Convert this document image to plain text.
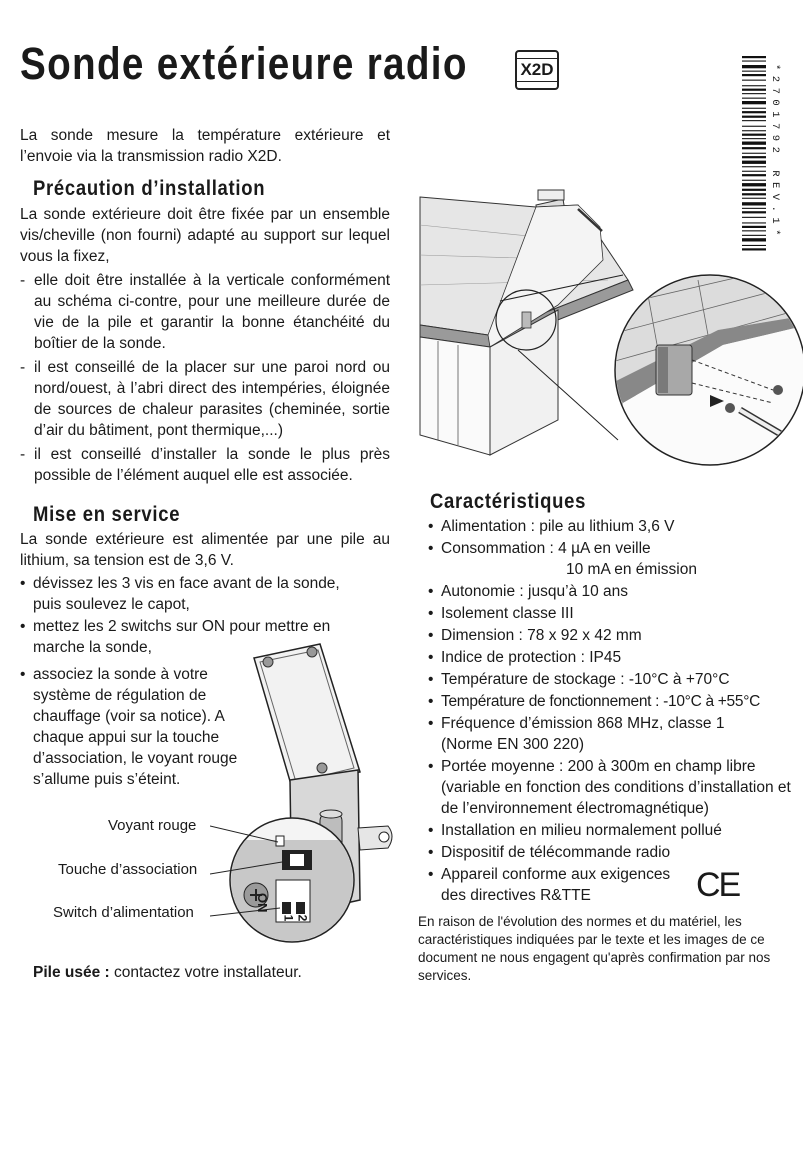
Sonde extérieure radio	X2D	*2701792 REV.1*
La sonde mesure la température extérieure et l’envoie via la transmission radio X2D.
Précaution d’installation
La sonde extérieure doit être fixée par un ensemble vis/cheville (non fourni) adapté au support sur lequel vous la fixez,
- elle doit être installée à la verticale conformément au schéma ci-contre, pour une meilleure durée de vie de la pile et garantir la bonne étanchéité du boîtier de la sonde.
- il est conseillé de la placer sur une paroi nord ou nord/ouest, à l’abri direct des intempéries, éloignée de sources de chaleur parasites (cheminée, sortie d’air du bâtiment, pont thermique,...)
- il est conseillé d’installer la sonde le plus près possible de l’élément auquel elle est associée.
Mise en service
La sonde extérieure est alimentée par une pile au lithium, sa tension est de 3,6 V.
• dévissez les 3 vis en face avant de la sonde, puis soulevez le capot,
• mettez les 2 switchs sur ON pour mettre en marche la sonde,
• associez la sonde à votre système de régulation de chauffage (voir sa notice). A chaque appui sur la touche d’association, le voyant rouge s’allume puis s’éteint.
ON
1 2
Voyant rouge
Touche d’association
Switch d’alimentation
Pile usée : contactez votre installateur.
Caractéristiques
• Alimentation : pile au lithium 3,6 V
• Consommation : 4 µA en veille
10 mA en émission
• Autonomie : jusqu’à 10 ans
• Isolement classe III
• Dimension : 78 x 92 x 42 mm
• Indice de protection : IP45
• Température de stockage : -10°C à +70°C
• Température de fonctionnement : -10°C à +55°C
• Fréquence d’émission 868 MHz, classe 1 (Norme EN 300 220)
• Portée moyenne : 200 à 300m en champ libre (variable en fonction des conditions d’installation et de l’environnement électromagnétique)
• Installation en milieu normalement pollué
• Dispositif de télécommande radio
• Appareil conforme aux exigences des directives R&TTE	CE
En raison de l'évolution des normes et du matériel, les caractéristiques indiquées par le texte et les images de ce document ne nous engagent qu'après confirmation par nos services.
